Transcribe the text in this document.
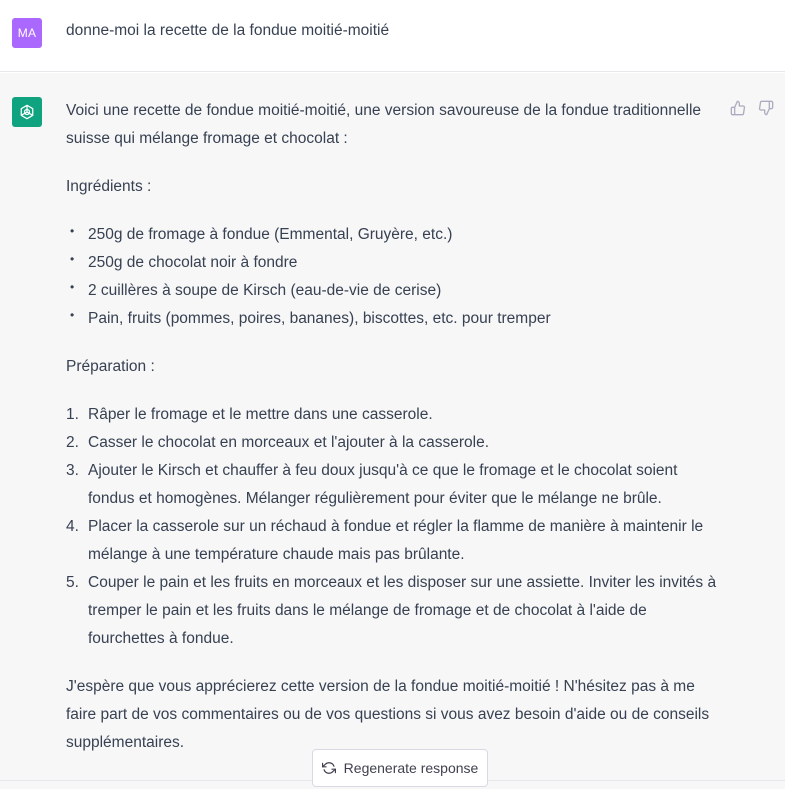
MA donne-moi la recette de la fondue moitié-moitié

Voici une recette de fondue moitié-moitié, une version savoureuse de la fondue traditionnelle suisse qui mélange fromage et chocolat :

Ingrédients :

• 250g de fromage à fondue (Emmental, Gruyère, etc.)
• 250g de chocolat noir à fondre
• 2 cuillères à soupe de Kirsch (eau-de-vie de cerise)
• Pain, fruits (pommes, poires, bananes), biscottes, etc. pour tremper

Préparation :

1. Râper le fromage et le mettre dans une casserole.
2. Casser le chocolat en morceaux et l'ajouter à la casserole.
3. Ajouter le Kirsch et chauffer à feu doux jusqu'à ce que le fromage et le chocolat soient fondus et homogènes. Mélanger régulièrement pour éviter que le mélange ne brûle.
4. Placer la casserole sur un réchaud à fondue et régler la flamme de manière à maintenir le mélange à une température chaude mais pas brûlante.
5. Couper le pain et les fruits en morceaux et les disposer sur une assiette. Inviter les invités à tremper le pain et les fruits dans le mélange de fromage et de chocolat à l'aide de fourchettes à fondue.

J'espère que vous apprécierez cette version de la fondue moitié-moitié ! N'hésitez pas à me faire part de vos commentaires ou de vos questions si vous avez besoin d'aide ou de conseils supplémentaires.

Regenerate response
